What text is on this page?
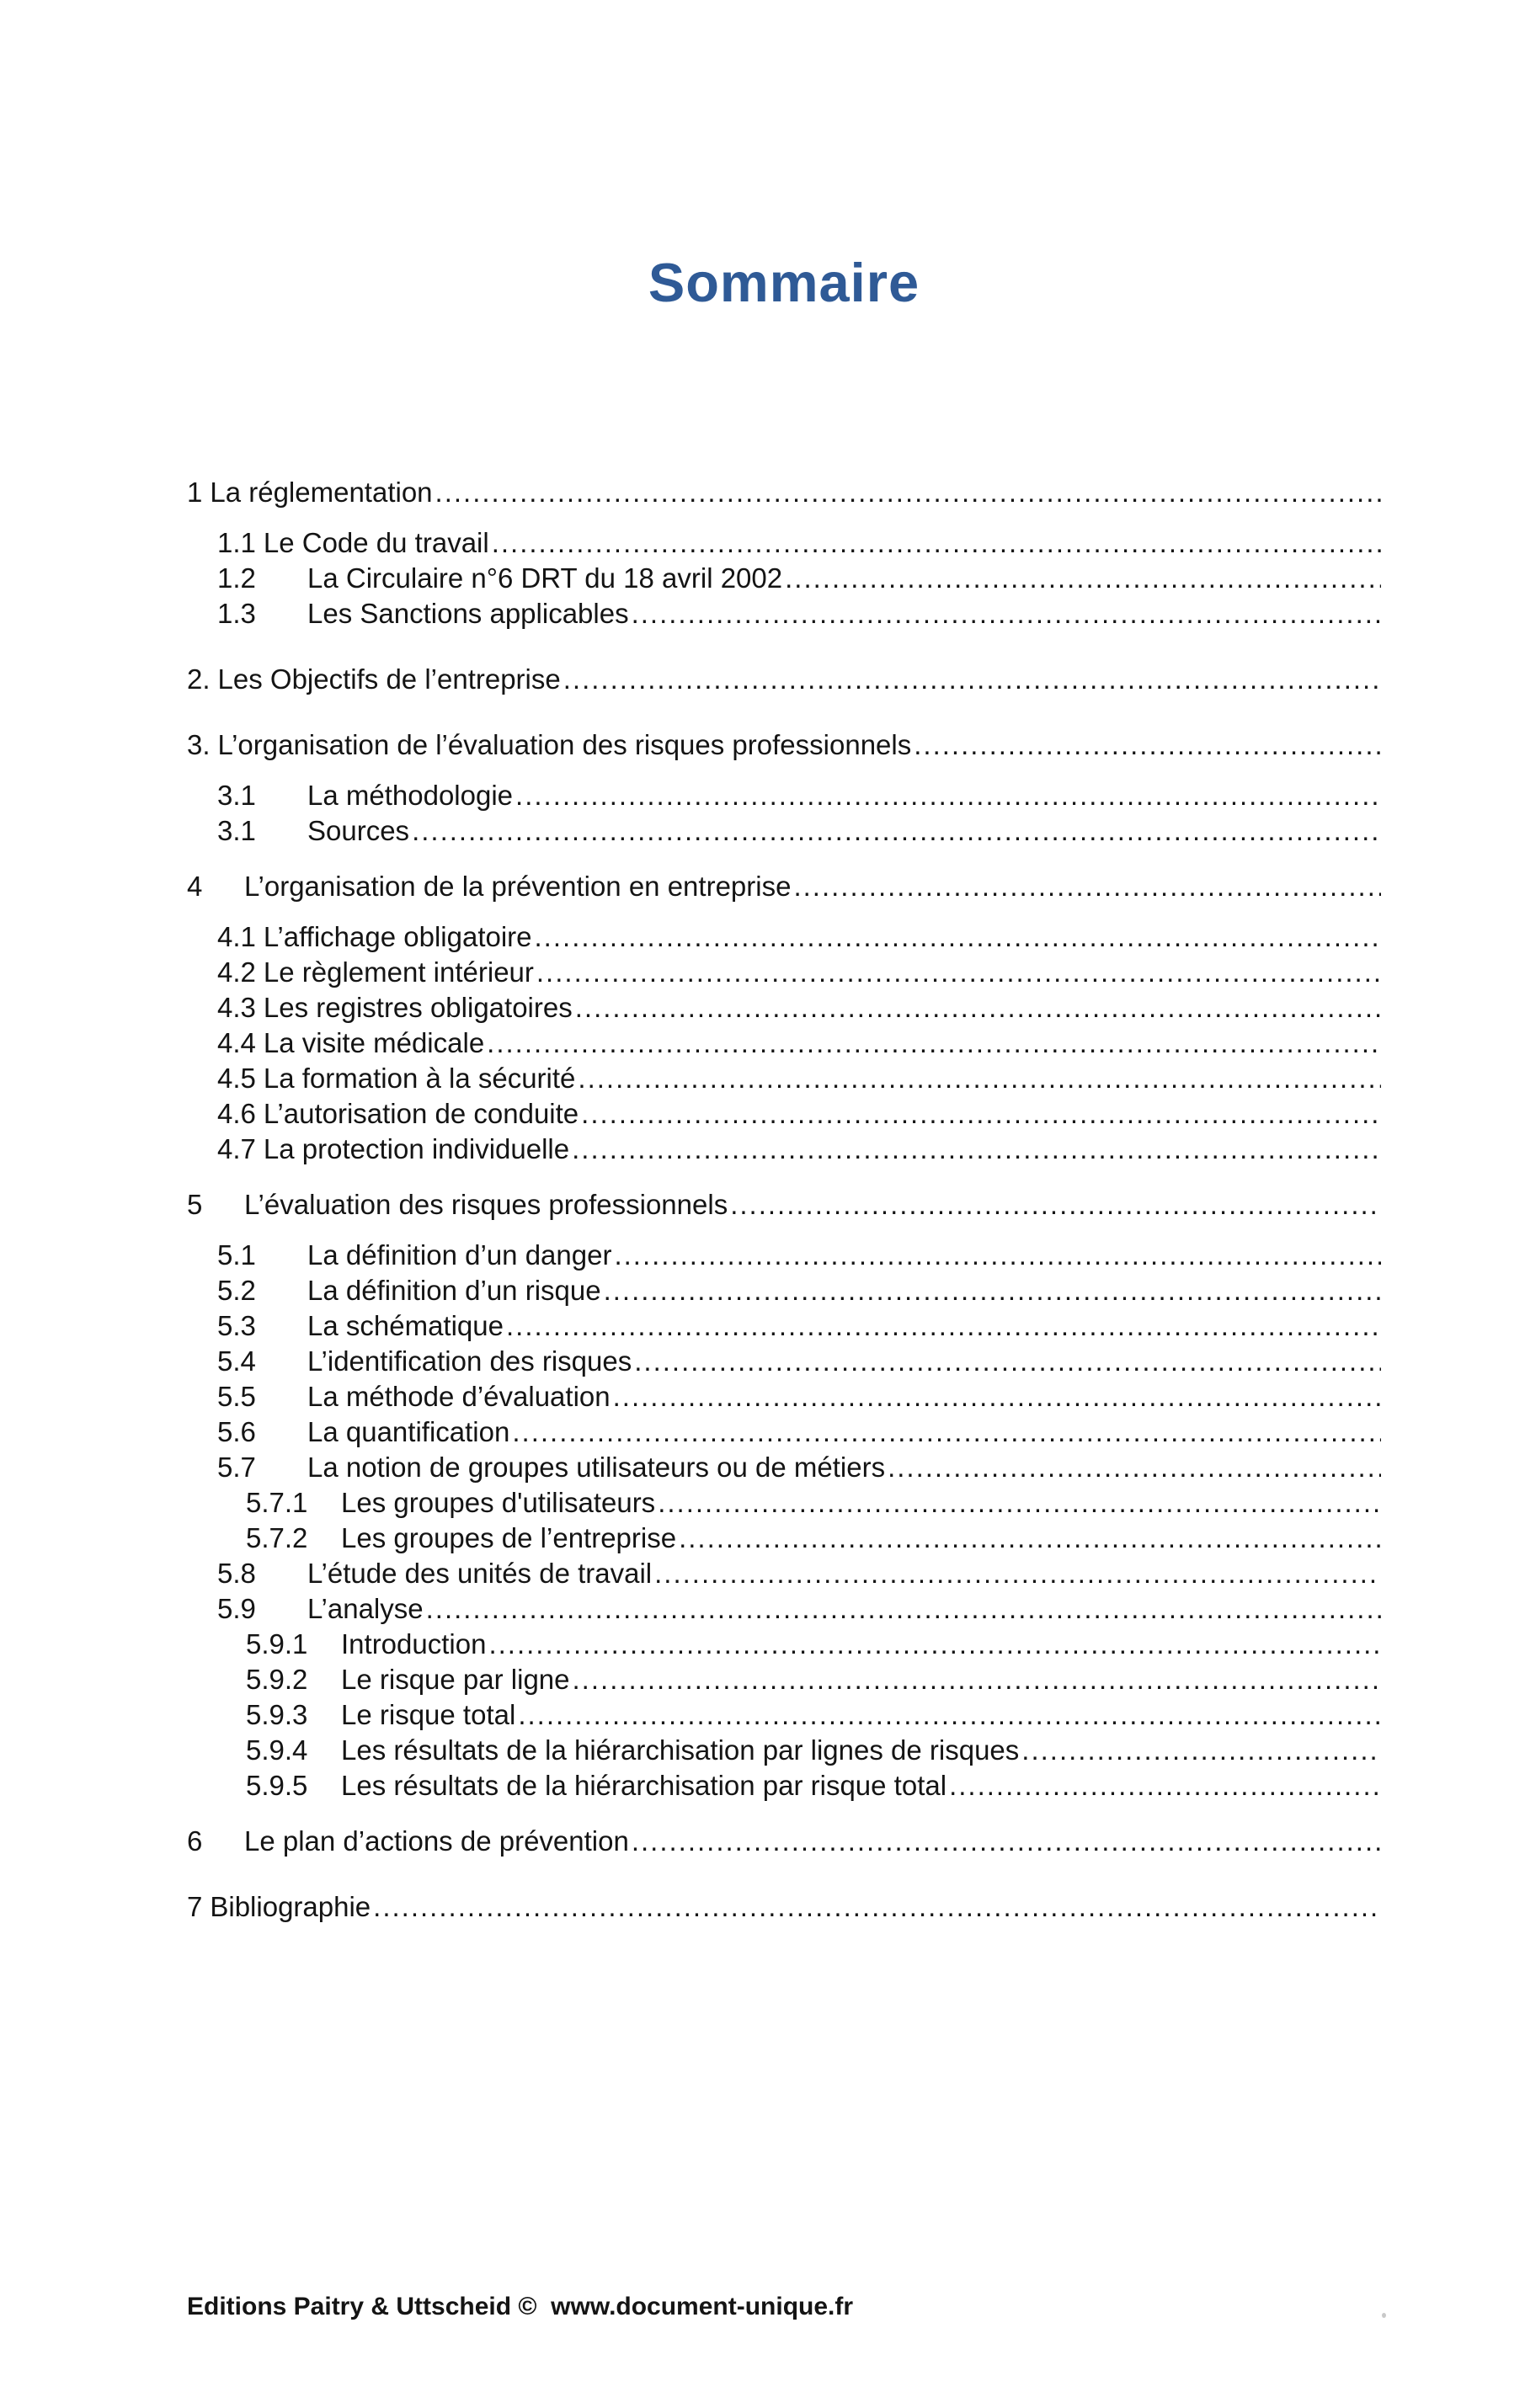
Sommaire
1 La réglementation
.....
1.1 Le Code du travail
.....
1.2	La Circulaire n°6 DRT du 18 avril 2002
.....
1.3	Les Sanctions applicables
.....
2. Les Objectifs de l’entreprise
.....
3. L’organisation de l’évaluation des risques professionnels
.....
3.1	La méthodologie
.....
3.1	Sources
.....
4	L’organisation de la prévention en entreprise
.....
4.1 L’affichage obligatoire
.....
4.2 Le règlement intérieur
.....
4.3 Les registres obligatoires
.....
4.4 La visite médicale
.....
4.5 La formation à la sécurité
.....
4.6 L’autorisation de conduite
.....
4.7 La protection individuelle
.....
5	L’évaluation des risques professionnels
.....
5.1	La définition d’un danger
.....
5.2	La définition d’un risque
.....
5.3	La schématique
.....
5.4	L’identification des risques
.....
5.5	La méthode d’évaluation
.....
5.6	La quantification
.....
5.7	La notion de groupes utilisateurs ou de métiers
.....
5.7.1	Les groupes d'utilisateurs
.....
5.7.2	Les groupes de l’entreprise
.....
5.8	L’étude des unités de travail
.....
5.9	L’analyse
.....
5.9.1	Introduction
.....
5.9.2	Le risque par ligne
.....
5.9.3	Le risque total
.....
5.9.4	Les résultats de la hiérarchisation par lignes de risques
.....
5.9.5	Les résultats de la hiérarchisation par risque total
.....
6	Le plan d’actions de prévention
.....
7 Bibliographie
.....
Editions Paitry & Uttscheid ©  www.document-unique.fr
